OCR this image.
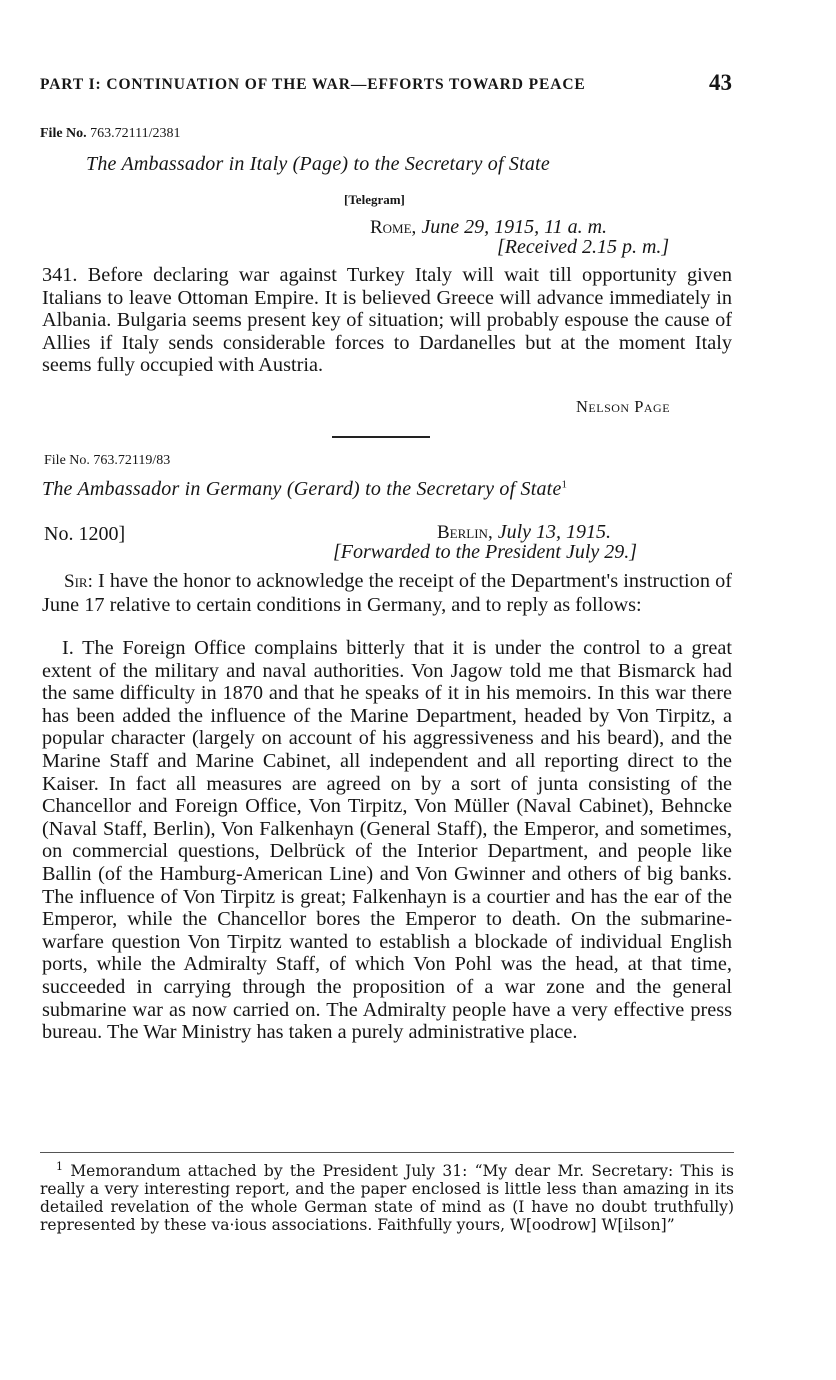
PART I: CONTINUATION OF THE WAR—EFFORTS TOWARD PEACE	43
File No. 763.72111/2381
The Ambassador in Italy (Page) to the Secretary of State
[Telegram]
Rome, June 29, 1915, 11 a. m.
[Received 2.15 p. m.]
341. Before declaring war against Turkey Italy will wait till opportunity given Italians to leave Ottoman Empire. It is believed Greece will advance immediately in Albania. Bulgaria seems present key of situation; will probably espouse the cause of Allies if Italy sends considerable forces to Dardanelles but at the moment Italy seems fully occupied with Austria.
Nelson Page
File No. 763.72119/83
The Ambassador in Germany (Gerard) to the Secretary of State$^1$
No. 1200]	Berlin, July 13, 1915.
[Forwarded to the President July 29.]
Sir: I have the honor to acknowledge the receipt of the Department's instruction of June 17 relative to certain conditions in Germany, and to reply as follows:
I. The Foreign Office complains bitterly that it is under the control to a great extent of the military and naval authorities. Von Jagow told me that Bismarck had the same difficulty in 1870 and that he speaks of it in his memoirs. In this war there has been added the influence of the Marine Department, headed by Von Tirpitz, a popular character (largely on account of his aggressiveness and his beard), and the Marine Staff and Marine Cabinet, all independent and all reporting direct to the Kaiser. In fact all measures are agreed on by a sort of junta consisting of the Chancellor and Foreign Office, Von Tirpitz, Von Müller (Naval Cabinet), Behncke (Naval Staff, Berlin), Von Falkenhayn (General Staff), the Emperor, and sometimes, on commercial questions, Delbrück of the Interior Department, and people like Ballin (of the Hamburg-American Line) and Von Gwinner and others of big banks. The influence of Von Tirpitz is great; Falkenhayn is a courtier and has the ear of the Emperor, while the Chancellor bores the Emperor to death. On the submarine-warfare question Von Tirpitz wanted to establish a blockade of individual English ports, while the Admiralty Staff, of which Von Pohl was the head, at that time, succeeded in carrying through the proposition of a war zone and the general submarine war as now carried on. The Admiralty people have a very effective press bureau. The War Ministry has taken a purely administrative place.
$^1$ Memorandum attached by the President July 31: “My dear Mr. Secretary: This is really a very interesting report, and the paper enclosed is little less than amazing in its detailed revelation of the whole German state of mind as (I have no doubt truthfully) represented by these va·ious associations. Faithfully yours, W[oodrow] W[ilson]”
